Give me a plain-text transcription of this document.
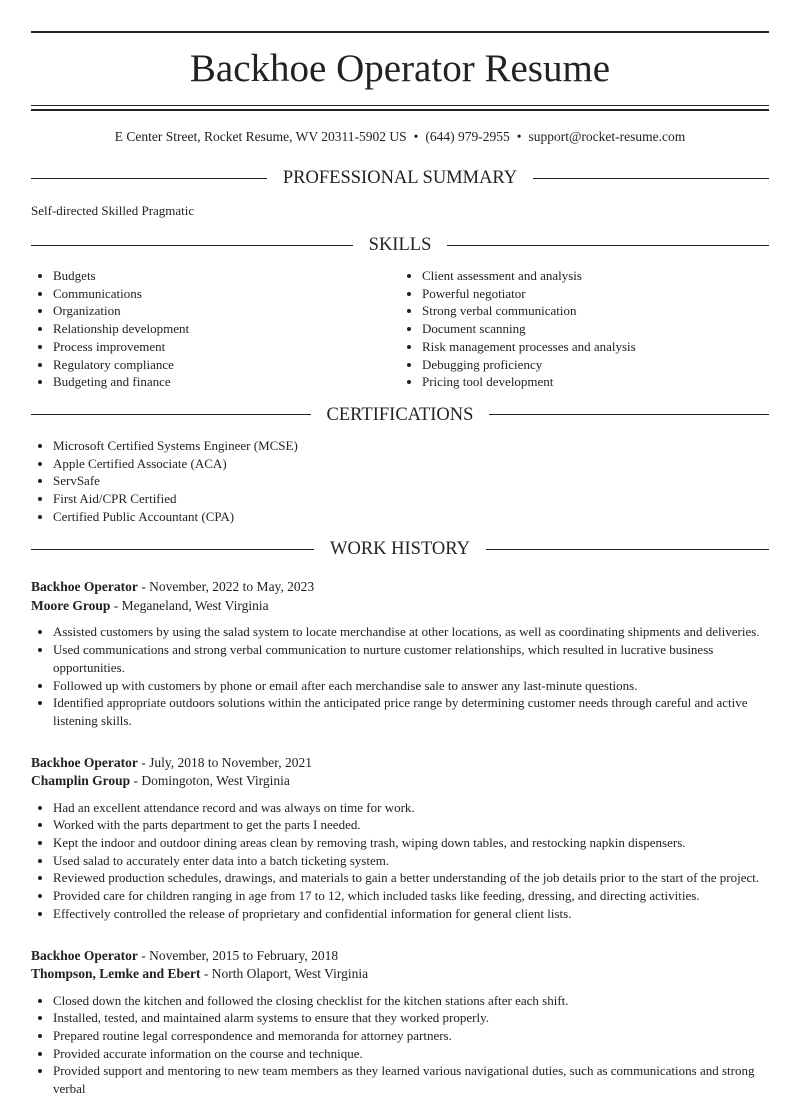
Backhoe Operator Resume
E Center Street, Rocket Resume, WV 20311-5902 US • (644) 979-2955 • support@rocket-resume.com
PROFESSIONAL SUMMARY

Self-directed Skilled Pragmatic

SKILLS
• Budgets
• Communications
• Organization
• Relationship development
• Process improvement
• Regulatory compliance
• Budgeting and finance
• Client assessment and analysis
• Powerful negotiator
• Strong verbal communication
• Document scanning
• Risk management processes and analysis
• Debugging proficiency
• Pricing tool development
CERTIFICATIONS
• Microsoft Certified Systems Engineer (MCSE)
• Apple Certified Associate (ACA)
• ServSafe
• First Aid/CPR Certified
• Certified Public Accountant (CPA)
WORK HISTORY
Backhoe Operator - November, 2022 to May, 2023
Moore Group - Meganeland, West Virginia
• Assisted customers by using the salad system to locate merchandise at other locations, as well as coordinating shipments and deliveries.
• Used communications and strong verbal communication to nurture customer relationships, which resulted in lucrative business opportunities.
• Followed up with customers by phone or email after each merchandise sale to answer any last-minute questions.
• Identified appropriate outdoors solutions within the anticipated price range by determining customer needs through careful and active listening skills.
Backhoe Operator - July, 2018 to November, 2021
Champlin Group - Domingoton, West Virginia
• Had an excellent attendance record and was always on time for work.
• Worked with the parts department to get the parts I needed.
• Kept the indoor and outdoor dining areas clean by removing trash, wiping down tables, and restocking napkin dispensers.
• Used salad to accurately enter data into a batch ticketing system.
• Reviewed production schedules, drawings, and materials to gain a better understanding of the job details prior to the start of the project.
• Provided care for children ranging in age from 17 to 12, which included tasks like feeding, dressing, and directing activities.
• Effectively controlled the release of proprietary and confidential information for general client lists.
Backhoe Operator - November, 2015 to February, 2018
Thompson, Lemke and Ebert - North Olaport, West Virginia
• Closed down the kitchen and followed the closing checklist for the kitchen stations after each shift.
• Installed, tested, and maintained alarm systems to ensure that they worked properly.
• Prepared routine legal correspondence and memoranda for attorney partners.
• Provided accurate information on the course and technique.
• Provided support and mentoring to new team members as they learned various navigational duties, such as communications and strong verbal
